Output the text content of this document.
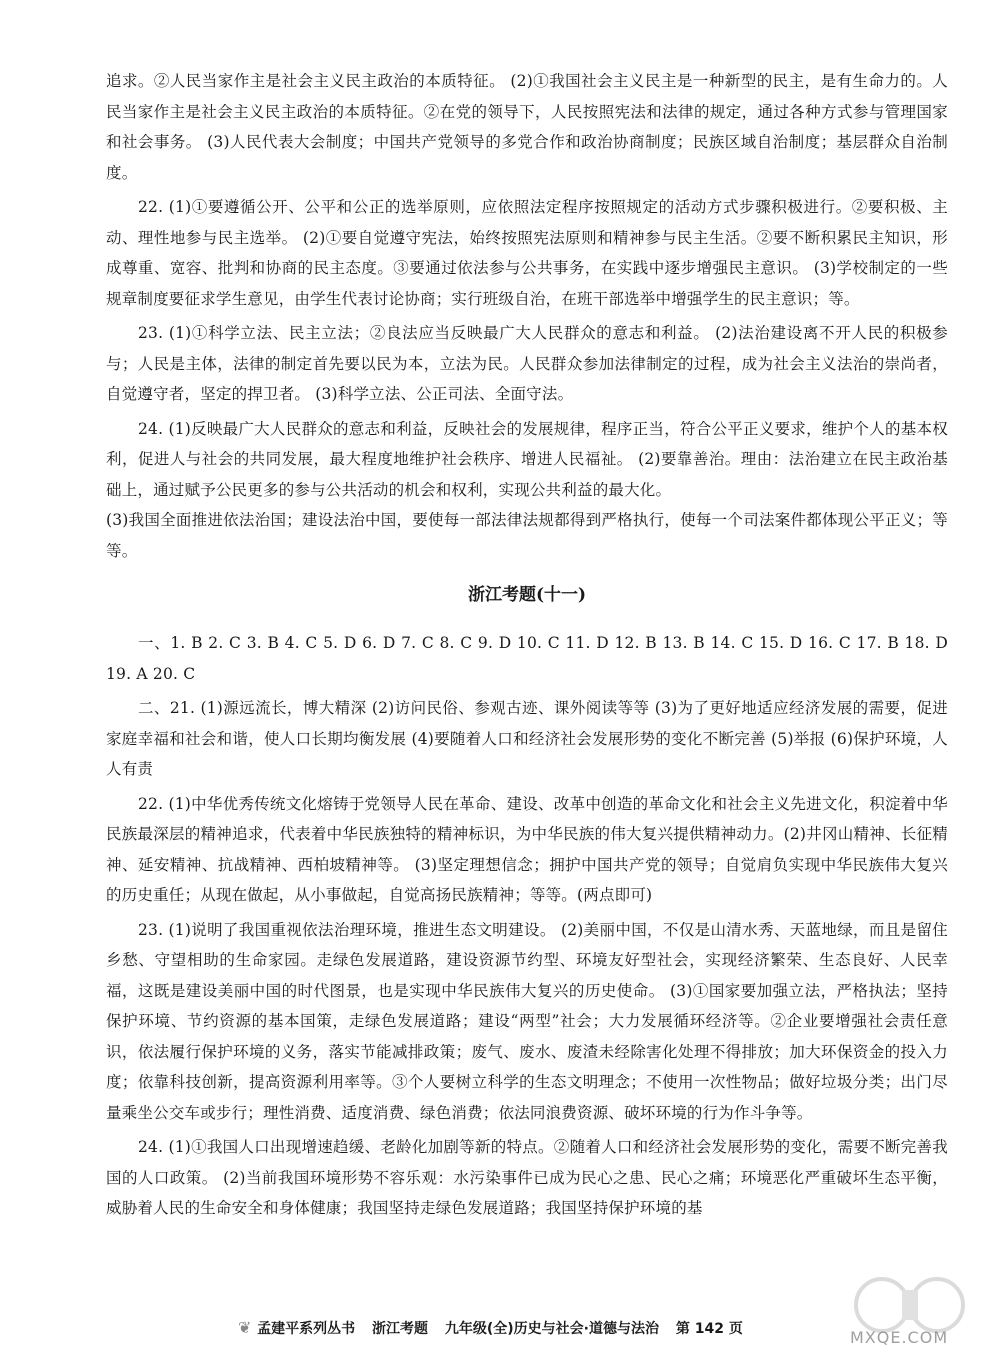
追求。②人民当家作主是社会主义民主政治的本质特征。 (2)①我国社会主义民主是一种新型的民主，是有生命力的。人民当家作主是社会主义民主政治的本质特征。②在党的领导下，人民按照宪法和法律的规定，通过各种方式参与管理国家和社会事务。 (3)人民代表大会制度；中国共产党领导的多党合作和政治协商制度；民族区域自治制度；基层群众自治制度。

22. (1)①要遵循公开、公平和公正的选举原则，应依照法定程序按照规定的活动方式步骤积极进行。②要积极、主动、理性地参与民主选举。 (2)①要自觉遵守宪法，始终按照宪法原则和精神参与民主生活。②要不断积累民主知识，形成尊重、宽容、批判和协商的民主态度。③要通过依法参与公共事务，在实践中逐步增强民主意识。 (3)学校制定的一些规章制度要征求学生意见，由学生代表讨论协商；实行班级自治，在班干部选举中增强学生的民主意识；等。

23. (1)①科学立法、民主立法；②良法应当反映最广大人民群众的意志和利益。 (2)法治建设离不开人民的积极参与；人民是主体，法律的制定首先要以民为本，立法为民。人民群众参加法律制定的过程，成为社会主义法治的崇尚者，自觉遵守者，坚定的捍卫者。 (3)科学立法、公正司法、全面守法。

24. (1)反映最广大人民群众的意志和利益，反映社会的发展规律，程序正当，符合公平正义要求，维护个人的基本权利，促进人与社会的共同发展，最大程度地维护社会秩序、增进人民福祉。 (2)要靠善治。理由：法治建立在民主政治基础上，通过赋予公民更多的参与公共活动的机会和权利，实现公共利益的最大化。

(3)我国全面推进依法治国；建设法治中国，要使每一部法律法规都得到严格执行，使每一个司法案件都体现公平正义；等等。

浙江考题(十一)

一、1. B 2. C 3. B 4. C 5. D 6. D 7. C 8. C 9. D 10. C 11. D 12. B 13. B 14. C 15. D 16. C 17. B 18. D 19. A 20. C

二、21. (1)源远流长，博大精深 (2)访问民俗、参观古迹、课外阅读等等 (3)为了更好地适应经济发展的需要，促进家庭幸福和社会和谐，使人口长期均衡发展 (4)要随着人口和经济社会发展形势的变化不断完善 (5)举报 (6)保护环境，人人有责

22. (1)中华优秀传统文化熔铸于党领导人民在革命、建设、改革中创造的革命文化和社会主义先进文化，积淀着中华民族最深层的精神追求，代表着中华民族独特的精神标识，为中华民族的伟大复兴提供精神动力。(2)井冈山精神、长征精神、延安精神、抗战精神、西柏坡精神等。 (3)坚定理想信念；拥护中国共产党的领导；自觉肩负实现中华民族伟大复兴的历史重任；从现在做起，从小事做起，自觉高扬民族精神；等等。(两点即可)

23. (1)说明了我国重视依法治理环境，推进生态文明建设。 (2)美丽中国，不仅是山清水秀、天蓝地绿，而且是留住乡愁、守望相助的生命家园。走绿色发展道路，建设资源节约型、环境友好型社会，实现经济繁荣、生态良好、人民幸福，这既是建设美丽中国的时代图景，也是实现中华民族伟大复兴的历史使命。 (3)①国家要加强立法，严格执法；坚持保护环境、节约资源的基本国策，走绿色发展道路；建设“两型”社会；大力发展循环经济等。②企业要增强社会责任意识，依法履行保护环境的义务，落实节能减排政策；废气、废水、废渣未经除害化处理不得排放；加大环保资金的投入力度；依靠科技创新，提高资源利用率等。③个人要树立科学的生态文明理念；不使用一次性物品；做好垃圾分类；出门尽量乘坐公交车或步行；理性消费、适度消费、绿色消费；依法同浪费资源、破坏环境的行为作斗争等。

24. (1)①我国人口出现增速趋缓、老龄化加剧等新的特点。②随着人口和经济社会发展形势的变化，需要不断完善我国的人口政策。 (2)当前我国环境形势不容乐观：水污染事件已成为民心之患、民心之痛；环境恶化严重破坏生态平衡，威胁着人民的生命安全和身体健康；我国坚持走绿色发展道路；我国坚持保护环境的基

❦ 孟建平系列丛书 浙江考题 九年级(全)历史与社会·道德与法治 第 142 页	MXQE.COM
